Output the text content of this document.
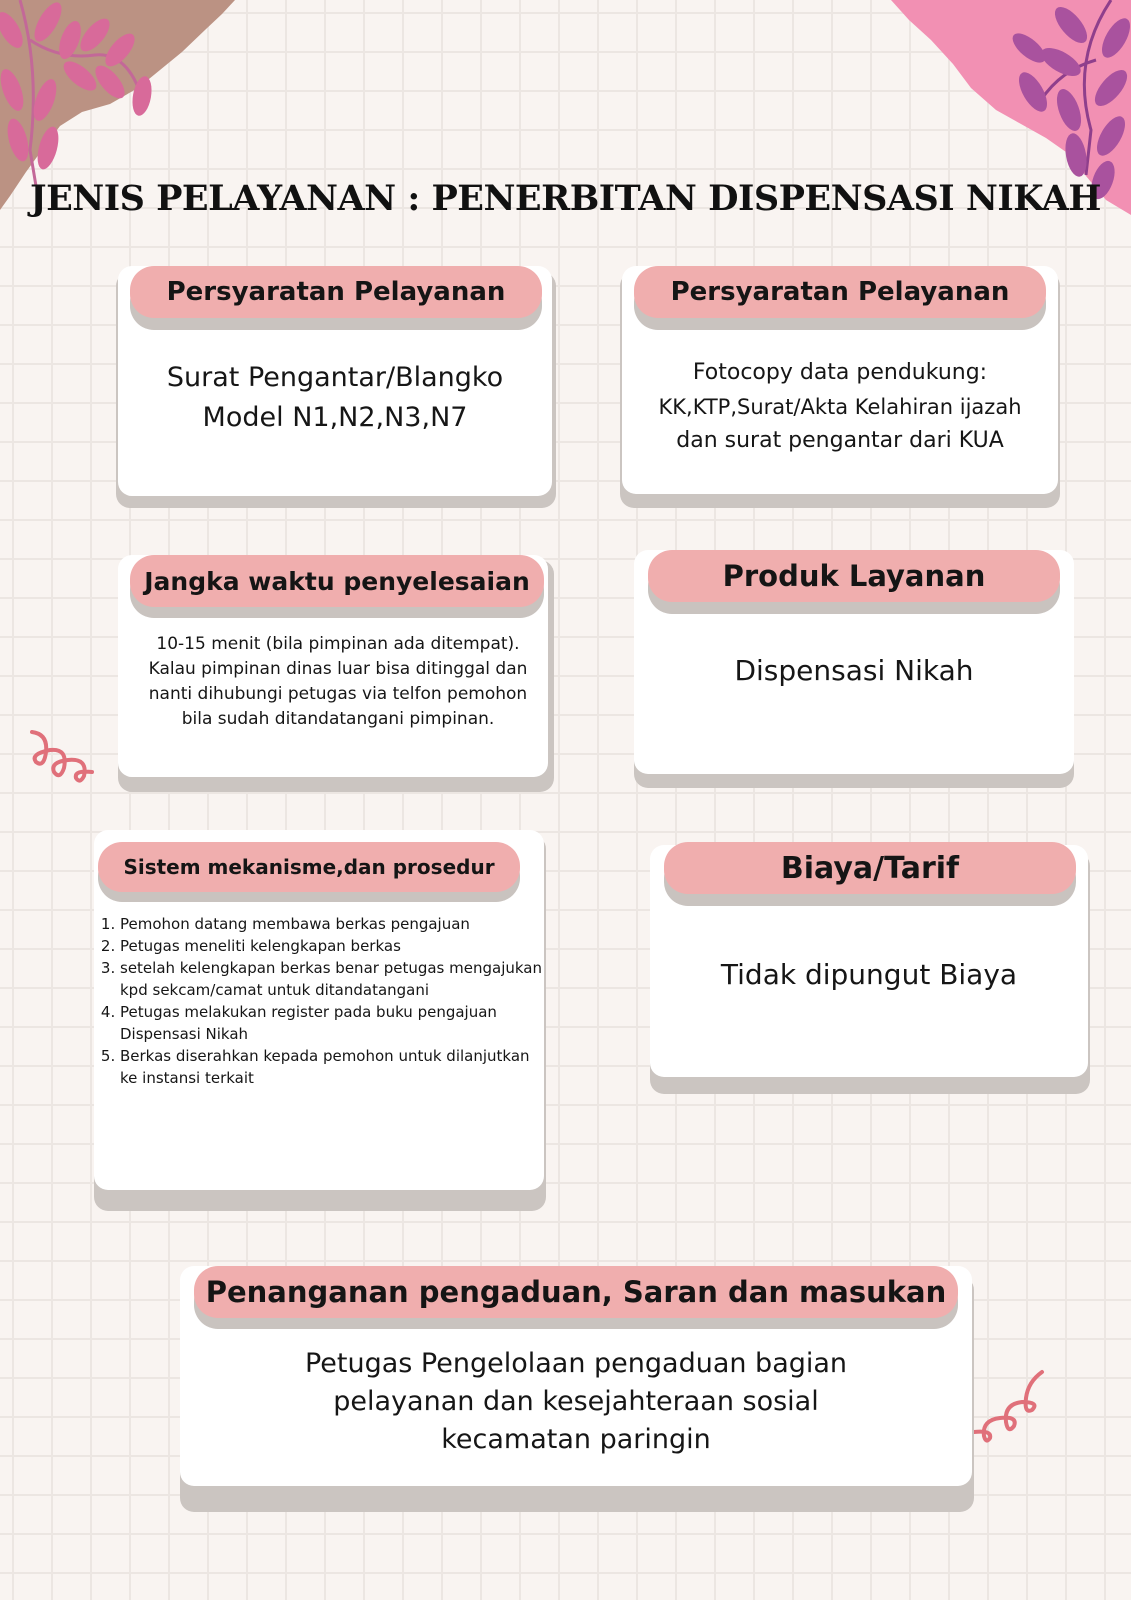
JENIS PELAYANAN : PENERBITAN DISPENSASI NIKAH
Persyaratan Pelayanan
Surat Pengantar/Blangko
Model N1,N2,N3,N7
Persyaratan Pelayanan
Fotocopy data pendukung:
KK,KTP,Surat/Akta Kelahiran ijazah
dan surat pengantar dari KUA
Jangka waktu penyelesaian
10-15 menit (bila pimpinan ada ditempat).
Kalau pimpinan dinas luar bisa ditinggal dan
nanti dihubungi petugas via telfon pemohon
bila sudah ditandatangani pimpinan.
Produk Layanan
Dispensasi Nikah
Sistem mekanisme,dan prosedur
1. Pemohon datang membawa berkas pengajuan
2. Petugas meneliti kelengkapan berkas
3. setelah kelengkapan berkas benar petugas mengajukan kpd sekcam/camat untuk ditandatangani
4. Petugas melakukan register pada buku pengajuan Dispensasi Nikah
5. Berkas diserahkan kepada pemohon untuk dilanjutkan ke instansi terkait
Biaya/Tarif
Tidak dipungut Biaya
Penanganan pengaduan, Saran dan masukan
Petugas Pengelolaan pengaduan bagian
pelayanan dan kesejahteraan sosial
kecamatan paringin
